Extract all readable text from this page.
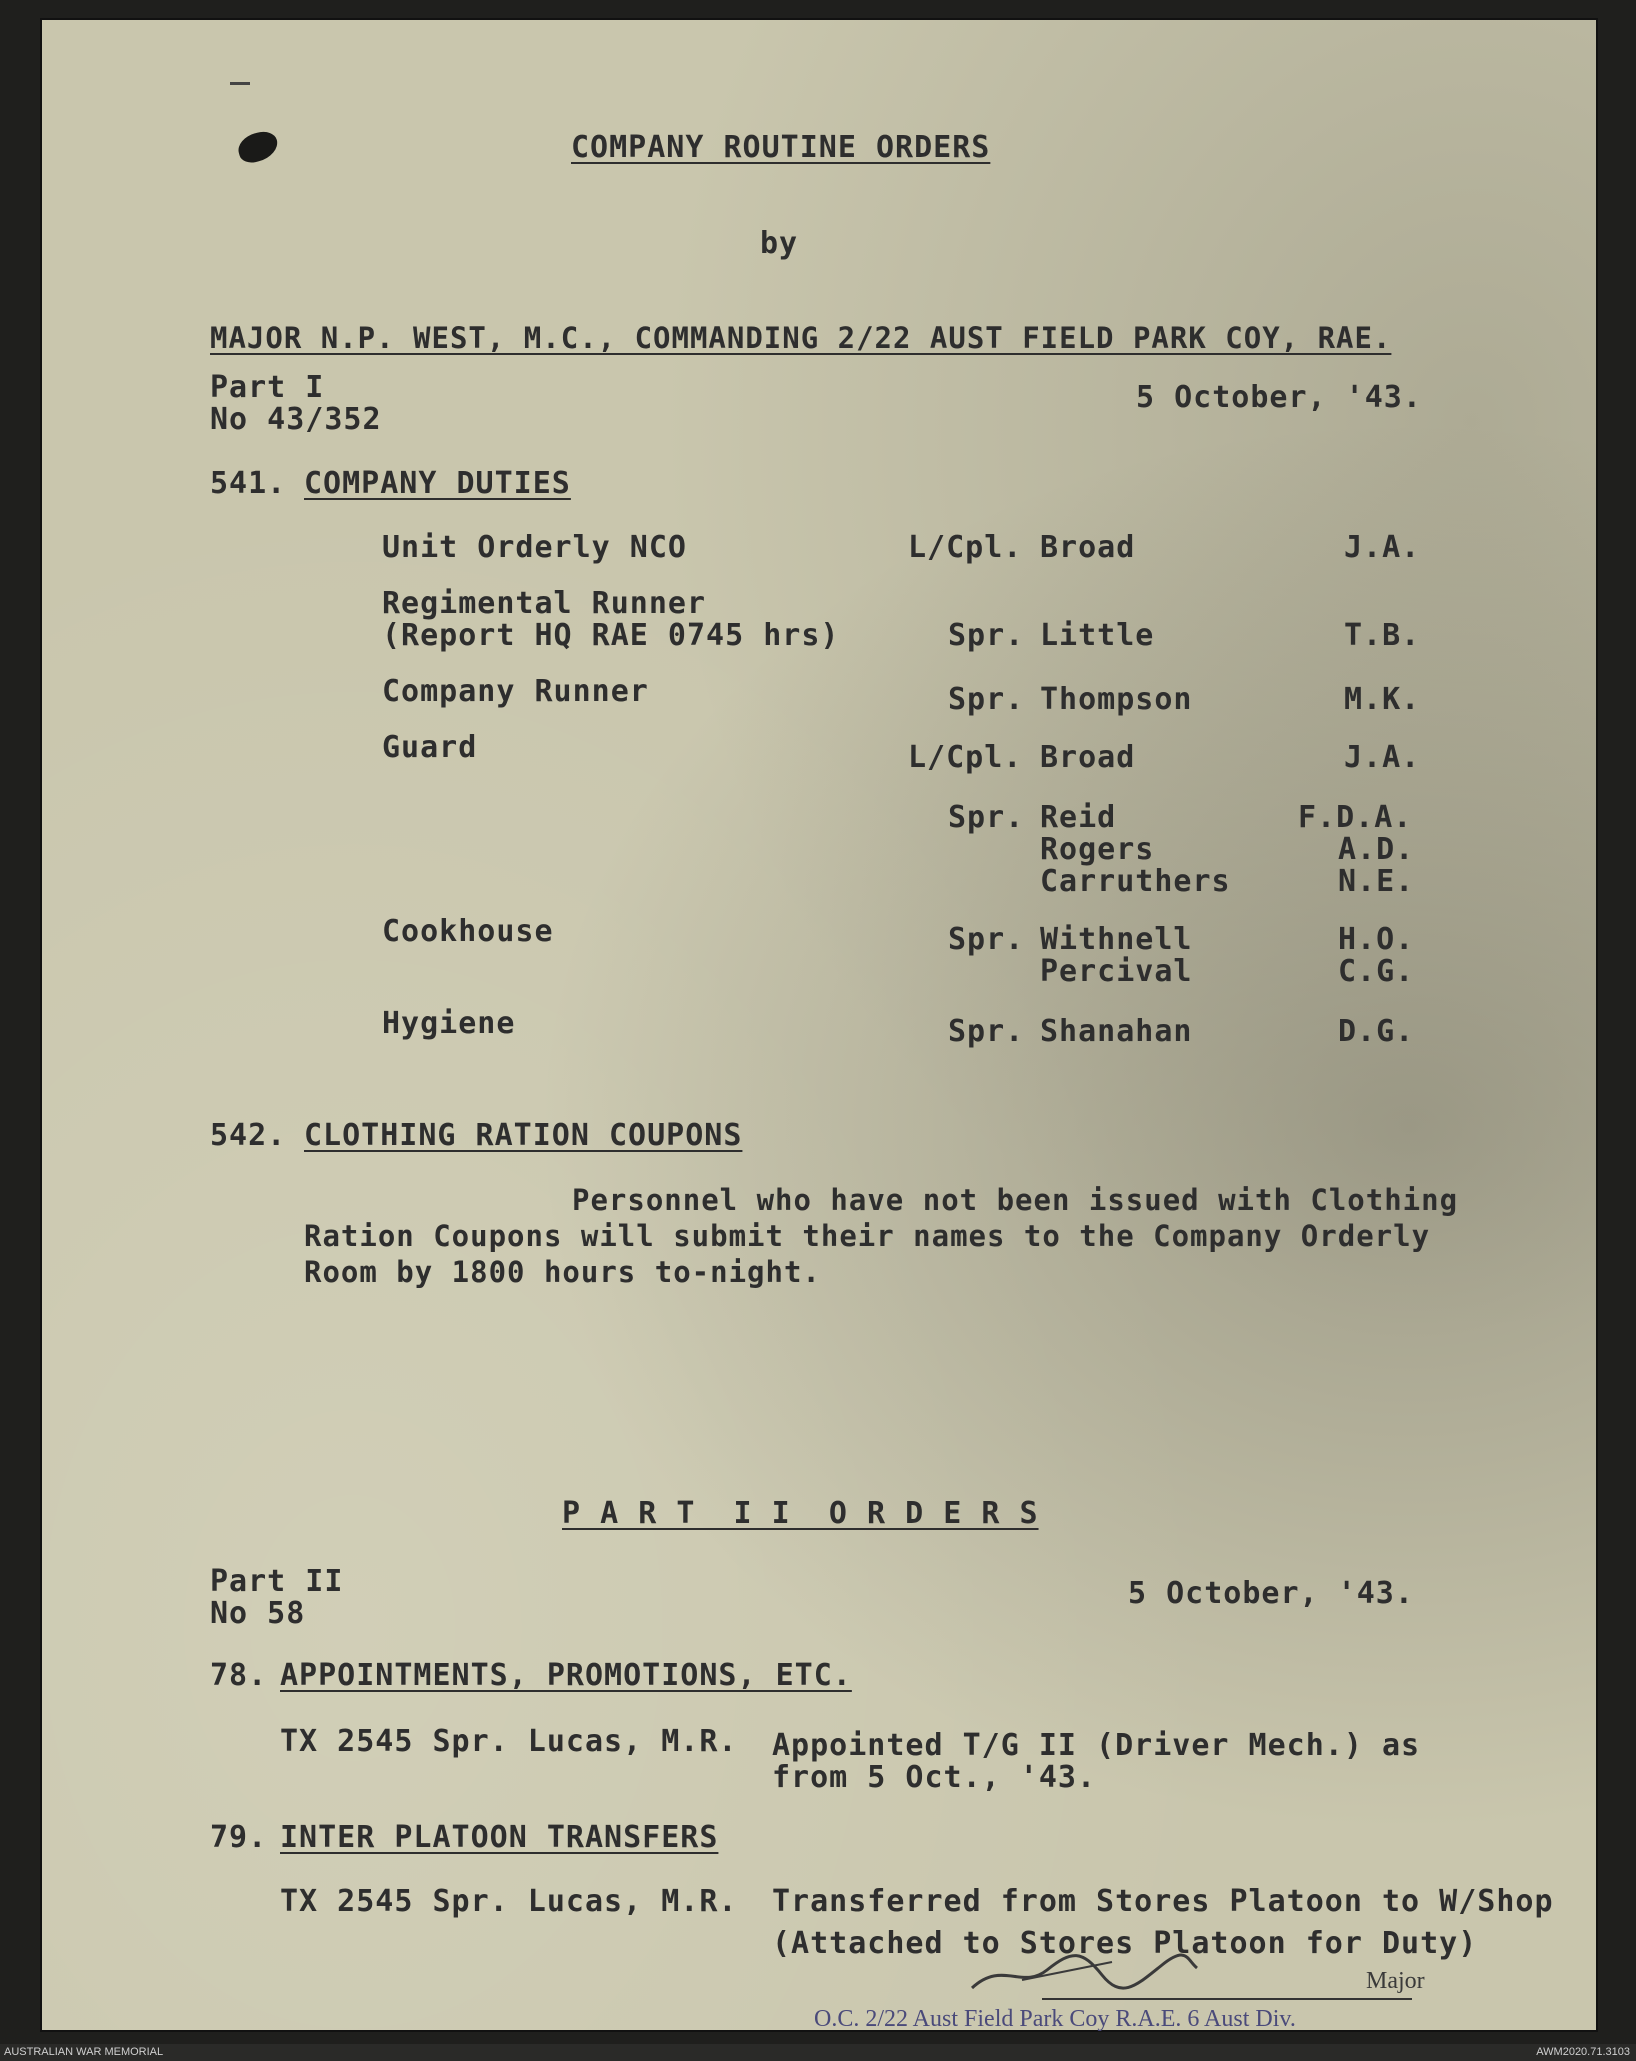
COMPANY ROUTINE ORDERS
by
MAJOR N.P. WEST, M.C., COMMANDING 2/22 AUST FIELD PARK COY, RAE.
Part I
No 43/352
5 October, '43.
541. COMPANY DUTIES
Unit Orderly NCO	L/Cpl. Broad	J.A.
Regimental Runner
(Report HQ RAE 0745 hrs)	Spr. Little	T.B.
Company Runner	Spr. Thompson	M.K.
Guard	L/Cpl. Broad	J.A.
Spr. Reid	F.D.A.
Rogers	A.D.
Carruthers	N.E.
Cookhouse	Spr. Withnell	H.O.
Percival	C.G.
Hygiene	Spr. Shanahan	D.G.
542. CLOTHING RATION COUPONS
Personnel who have not been issued with Clothing
Ration Coupons will submit their names to the Company Orderly
Room by 1800 hours to-night.
P A R T  I I  O R D E R S
Part II
No 58
5 October, '43.
78. APPOINTMENTS, PROMOTIONS, ETC.
TX 2545 Spr. Lucas, M.R. Appointed T/G II (Driver Mech.) as
from 5 Oct., '43.
79. INTER PLATOON TRANSFERS
TX 2545 Spr. Lucas, M.R. Transferred from Stores Platoon to W/Shop
(Attached to Stores Platoon for Duty)
Major
O.C. 2/22 Aust Field Park Coy R.A.E. 6 Aust Div.
AUSTRALIAN WAR MEMORIAL	AWM2020.71.3103
